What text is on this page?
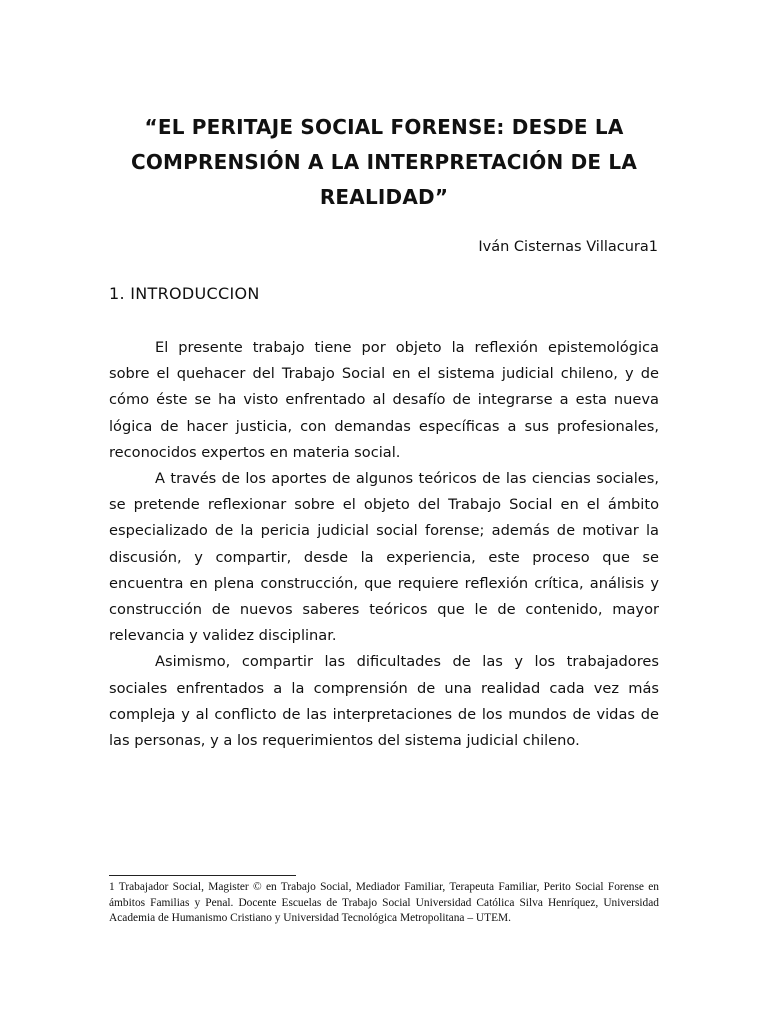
“EL PERITAJE SOCIAL FORENSE: DESDE LA COMPRENSIÓN A LA INTERPRETACIÓN DE LA REALIDAD”
Iván Cisternas Villacura1
1. INTRODUCCION

El presente trabajo tiene por objeto la reflexión epistemológica sobre el quehacer del Trabajo Social en el sistema judicial chileno, y de cómo éste se ha visto enfrentado al desafío de integrarse a esta nueva lógica de hacer justicia, con demandas específicas a sus profesionales, reconocidos expertos en materia social.

A través de los aportes de algunos teóricos de las ciencias sociales, se pretende reflexionar sobre el objeto del Trabajo Social en el ámbito especializado de la pericia judicial social forense; además de motivar la discusión, y compartir, desde la experiencia, este proceso que se encuentra en plena construcción, que requiere reflexión crítica, análisis y construcción de nuevos saberes teóricos que le de contenido, mayor relevancia y validez disciplinar.

Asimismo, compartir las dificultades de las y los trabajadores sociales enfrentados a la comprensión de una realidad cada vez más compleja y al conflicto de las interpretaciones de los mundos de vidas de las personas, y a los requerimientos del sistema judicial chileno.

1 Trabajador Social, Magister © en Trabajo Social, Mediador Familiar, Terapeuta Familiar, Perito Social Forense en ámbitos Familias y Penal. Docente Escuelas de Trabajo Social Universidad Católica Silva Henríquez, Universidad Academia de Humanismo Cristiano y Universidad Tecnológica Metropolitana – UTEM.
